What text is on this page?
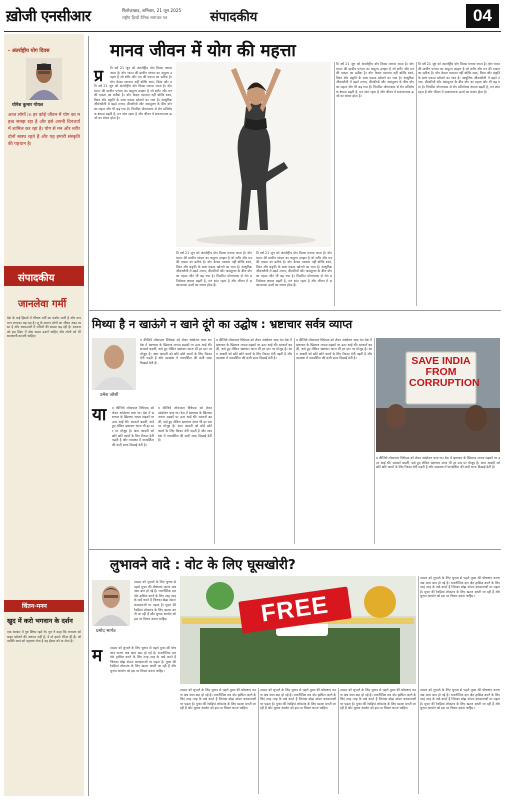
ख़ोजी एनसीआर	फिरोज़ाबाद, शनिवार, 21 जून 2025
राष्ट्रीय हिन्दी दैनिक समाचार पत्र	संपादकीय	04
- अंतर्राष्ट्रीय योग दिवस
योगेश कुमार गोयल
आज लोगों in हर कोई जीवन में योग का महत्व समझ रहा है और इसे अपनी दिनचर्या में शामिल कर रहा है। योग से मन और शरीर दोनों स्वस्थ रहते हैं और यह हमारी संस्कृति की पहचान है।
संपादकीय
जानलेवा गर्मी
देश के कई हिस्सों में भीषण गर्मी का प्रकोप जारी है और तापमान लगातार बढ़ रहा है। लू के कारण लोगों का जीवन अस्त व्यस्त है और अस्पतालों में मरीजों की संख्या बढ़ रही है। सरकार को इस दिशा में ठोस कदम उठाने चाहिए और लोगों को भी सावधानी बरतनी चाहिए।
चिंतन-मनन
खुद में करो भगवान के दर्शन
एक आश्रम में गुरु शिष्य रहते थे। गुरु ने कहा कि भगवान को बाहर खोजने की जरूरत नहीं है, वे तो हमारे भीतर ही हैं। जो व्यक्ति स्वयं को पहचान लेता है वह ईश्वर को पा लेता है।
मानव जीवन में योग की महत्ता
प्र
ति वर्ष 21 जून को अंतर्राष्ट्रीय योग दिवस मनाया जाता है। योग भारत की प्राचीन परंपरा का अमूल्य उपहार है जो शरीर और मन की एकता का प्रतीक है। योग केवल व्यायाम नहीं बल्कि स्वयं, विश्व और प्रकृति के साथ एकत्व खोजने का भाव है। आधुनिक जीवनशैली में बढ़ते तनाव, बीमारियों और असंतुलन के बीच योग का महत्व और भी बढ़ गया है। नियमित योगाभ्यास से रोग प्रतिरोधक क्षमता बढ़ती है, मन शांत रहता है और जीवन में सकारात्मक ऊर्जा का संचार होता है।
ति वर्ष 21 जून को अंतर्राष्ट्रीय योग दिवस मनाया जाता है। योग भारत की प्राचीन परंपरा का अमूल्य उपहार है जो शरीर और मन की एकता का प्रतीक है। योग केवल व्यायाम नहीं बल्कि स्वयं, विश्व और प्र
ति वर्ष 21 जून को अंतर्राष्ट्रीय योग दिवस मनाया जाता है। योग भारत की प्राचीन परंपरा का अमूल्य उपहार है जो शरीर और मन की एकता का प्रतीक है। योग केवल व्यायाम नहीं बल्कि स्वयं, विश्व और प्रकृति के साथ एकत्व खोजने का भाव है। आधुनिक जीवनशैली में बढ़ते तनाव, बीमारियों और असंतुलन के बीच योग का महत्व और भी बढ़ गया है। नियमित योगाभ्यास से रोग प्रतिरोधक क्षमता बढ़ती है, मन शांत रहता है और जीवन में सकारात्मक ऊर्जा का संचार होता है।
ति वर्ष 21 जून को अंतर्राष्ट्रीय योग दिवस मनाया जाता है। योग भारत की प्राचीन परंपरा का अमूल्य उपहार है जो शरीर और मन की एकता का प्रतीक है। योग केवल व्यायाम नहीं बल्कि स्वयं, विश्व और प्रकृति के साथ एकत्व खोजने का भाव है। आधुनिक जीवनशैली में बढ़ते तनाव, बीमारियों और असंतुलन के बीच योग का महत्व और भी बढ़ गया है। नियमित योगाभ्यास से रोग प्रतिरोधक क्षमता बढ़ती है, मन शांत रहता है और जीवन में सकारात्मक ऊर्जा का संचार होता है।
ति वर्ष 21 जून को अंतर्राष्ट्रीय योग दिवस मनाया जाता है। योग भारत की प्राचीन परंपरा का अमूल्य उपहार है जो शरीर और मन की एकता का प्रतीक है। योग केवल व्यायाम नहीं बल्कि स्वयं, विश्व और प्रकृति के साथ एकत्व खोजने का भाव है। आधुनिक जीवनशैली में बढ़ते तनाव, बीमारियों और असंतुलन के बीच योग का महत्व और भी बढ़ गया है। नियमित योगाभ्यास से रोग प्रतिरोधक क्षमता बढ़ती है, मन शांत रहता है और जीवन में सकारात्मक ऊर्जा का संचार होता है।
ति वर्ष 21 जून को अंतर्राष्ट्रीय योग दिवस मनाया जाता है। योग भारत की प्राचीन परंपरा का अमूल्य उपहार है जो शरीर और मन की एकता का प्रतीक है। योग केवल व्यायाम नहीं बल्कि स्वयं, विश्व और प्रकृति के साथ एकत्व खोजने का भाव है। आधुनिक जीवनशैली में बढ़ते तनाव, बीमारियों और असंतुलन के बीच योग का महत्व और भी बढ़ गया है। नियमित योगाभ्यास से रोग प्रतिरोधक क्षमता बढ़ती है, मन शांत रहता है और जीवन में सकारात्मक ऊर्जा का संचार होता है।
मिथ्या है न खाऊंगे न खाने दूंगे का उद्घोष : भ्रष्टाचार सर्वत्र व्याप्त
उमेश जोशी
द कीजिये लोकपाल विधेयक को लेकर आंदोलन चला था। देश में भ्रष्टाचार के खिलाफ जनता सड़कों पर उतर आई थी। सरकारें बदलीं, वादे हुए लेकिन भ्रष्टाचार आज भी हर स्तर पर मौजूद है। आम आदमी को छोटे छोटे कामों के लिए रिश्वत देनी पड़ती है और व्यवस्था में पारदर्शिता की कमी साफ दिखाई देती है।
या	द कीजिये लोकपाल विधेयक को लेकर आंदोलन चला था। देश में भ्रष्टाचार के खिलाफ जनता सड़कों पर उतर आई थी। सरकारें बदलीं, वादे हुए लेकिन भ्रष्टाचार आज भी हर स्तर पर मौजूद है। आम आदमी को छोटे छोटे कामों के लिए रिश्वत देनी पड़ती है और व्यवस्था में पारदर्शिता की कमी साफ दिखाई देती है।
द कीजिये लोकपाल विधेयक को लेकर आंदोलन चला था। देश में भ्रष्टाचार के खिलाफ जनता सड़कों पर उतर आई थी। सरकारें बदलीं, वादे हुए लेकिन भ्रष्टाचार आज भी हर स्तर पर मौजूद है। आम आदमी को छोटे छोटे कामों के लिए रिश्वत देनी पड़ती है और व्यवस्था में पारदर्शिता की कमी साफ दिखाई देती है।
द कीजिये लोकपाल विधेयक को लेकर आंदोलन चला था। देश में भ्रष्टाचार के खिलाफ जनता सड़कों पर उतर आई थी। सरकारें बदलीं, वादे हुए लेकिन भ्रष्टाचार आज भी हर स्तर पर मौजूद है। आम आदमी को छोटे छोटे कामों के लिए रिश्वत देनी पड़ती है और व्यवस्था में पारदर्शिता की कमी साफ दिखाई देती है।
द कीजिये लोकपाल विधेयक को लेकर आंदोलन चला था। देश में भ्रष्टाचार के खिलाफ जनता सड़कों पर उतर आई थी। सरकारें बदलीं, वादे हुए लेकिन भ्रष्टाचार आज भी हर स्तर पर मौजूद है। आम आदमी को छोटे छोटे कामों के लिए रिश्वत देनी पड़ती है और व्यवस्था में पारदर्शिता की कमी साफ दिखाई देती है।
द कीजिये लोकपाल विधेयक को लेकर आंदोलन चला था। देश में भ्रष्टाचार के खिलाफ जनता सड़कों पर उतर आई थी। सरकारें बदलीं, वादे हुए लेकिन भ्रष्टाचार आज भी हर स्तर पर मौजूद है। आम आदमी को छोटे छोटे कामों के लिए रिश्वत देनी पड़ती है और व्यवस्था में पारदर्शिता की कमी साफ दिखाई देती है।
SAVE INDIA FROM CORRUPTION
लुभावने वादे : वोट के लिए घूसखोरी?
प्रमोद भार्गव
तदाता को लुभाने के लिए चुनाव से पहले मुफ्त की घोषणाएं करना अब आम बात हो गई है। राजनीतिक दल वोट हासिल करने के लिए तरह तरह के वादे करते हैं जिनका बोझ अंततः करदाताओं पर पड़ता है। मुफ्त की रेवड़ियां लोकतंत्र के लिए खतरा बनती जा रही हैं और चुनाव आयोग को इस पर विचार करना चाहिए।	FREE
तदाता को लुभाने के लिए चुनाव से पहले मुफ्त की घोषणाएं करना अब आम बात हो गई है। राजनीतिक दल वोट हासिल करने के लिए तरह तरह के वादे करते हैं जिनका बोझ अंततः करदाताओं पर पड़ता है। मुफ्त की रेवड़ियां लोकतंत्र के लिए खतरा बनती जा रही हैं और चुनाव आयोग को इस पर विचार करना चाहिए।
म	तदाता को लुभाने के लिए चुनाव से पहले मुफ्त की घोषणाएं करना अब आम बात हो गई है। राजनीतिक दल वोट हासिल करने के लिए तरह तरह के वादे करते हैं जिनका बोझ अंततः करदाताओं पर पड़ता है। मुफ्त की रेवड़ियां लोकतंत्र के लिए खतरा बनती जा रही हैं और चुनाव आयोग को इस पर विचार करना चाहिए।
तदाता को लुभाने के लिए चुनाव से पहले मुफ्त की घोषणाएं करना अब आम बात हो गई है। राजनीतिक दल वोट हासिल करने के लिए तरह तरह के वादे करते हैं जिनका बोझ अंततः करदाताओं पर पड़ता है। मुफ्त की रेवड़ियां लोकतंत्र के लिए खतरा बनती जा रही हैं और चुनाव आयोग को इस पर विचार करना चाहिए।
तदाता को लुभाने के लिए चुनाव से पहले मुफ्त की घोषणाएं करना अब आम बात हो गई है। राजनीतिक दल वोट हासिल करने के लिए तरह तरह के वादे करते हैं जिनका बोझ अंततः करदाताओं पर पड़ता है। मुफ्त की रेवड़ियां लोकतंत्र के लिए खतरा बनती जा रही हैं और चुनाव आयोग को इस पर विचार करना चाहिए।
तदाता को लुभाने के लिए चुनाव से पहले मुफ्त की घोषणाएं करना अब आम बात हो गई है। राजनीतिक दल वोट हासिल करने के लिए तरह तरह के वादे करते हैं जिनका बोझ अंततः करदाताओं पर पड़ता है। मुफ्त की रेवड़ियां लोकतंत्र के लिए खतरा बनती जा रही हैं और चुनाव आयोग को इस पर विचार करना चाहिए।
तदाता को लुभाने के लिए चुनाव से पहले मुफ्त की घोषणाएं करना अब आम बात हो गई है। राजनीतिक दल वोट हासिल करने के लिए तरह तरह के वादे करते हैं जिनका बोझ अंततः करदाताओं पर पड़ता है। मुफ्त की रेवड़ियां लोकतंत्र के लिए खतरा बनती जा रही हैं और चुनाव आयोग को इस पर विचार करना चाहिए।
